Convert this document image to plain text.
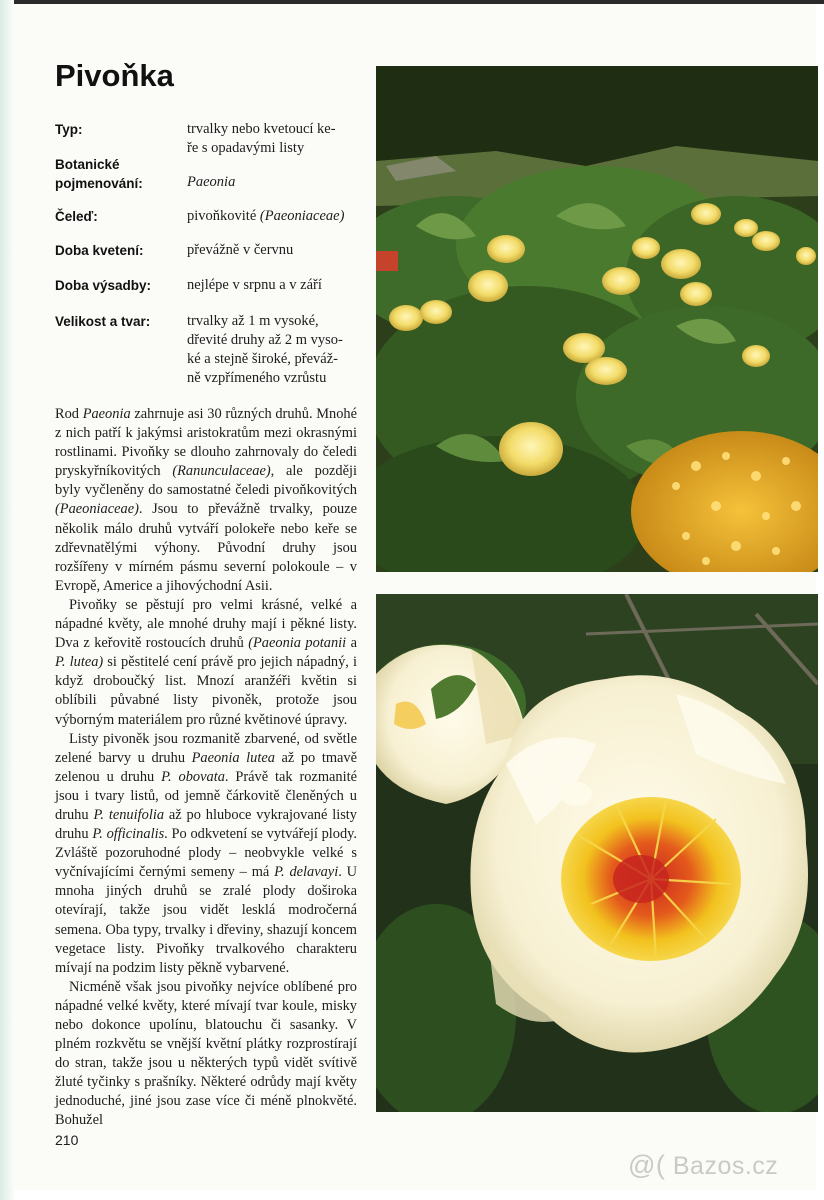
Pivoňka
Typ:	trvalky nebo kvetoucí ke-
ře s opadavými listy
Botanické
pojmenování:	Paeonia
Čeleď:	pivoňkovité (Paeoniaceae)
Doba kvetení:	převážně v červnu
Doba výsadby:	nejlépe v srpnu a v září
Velikost a tvar:	trvalky až 1 m vysoké,
dřevité druhy až 2 m vyso-
ké a stejně široké, převáž-
ně vzpřímeného vzrůstu

Rod Paeonia zahrnuje asi 30 různých druhů. Mnohé z nich patří k jakýmsi aristokratům mezi okrasnými rostlinami. Pivoňky se dlouho zahrnovaly do čeledi pryskyřníkovitých (Ranunculaceae), ale později byly vyčleněny do samostatné čeledi pivoňkovitých (Paeoniaceae). Jsou to převážně trvalky, pouze několik málo druhů vytváří polokeře nebo keře se zdřevnatělými výhony. Původní druhy jsou rozšířeny v mírném pásmu severní polokoule – v Evropě, Americe a jihovýchodní Asii.

Pivoňky se pěstují pro velmi krásné, velké a nápadné květy, ale mnohé druhy mají i pěkné listy. Dva z keřovitě rostoucích druhů (Paeonia potanii a P. lutea) si pěstitelé cení právě pro jejich nápadný, i když droboučký list. Mnozí aranžéři květin si oblíbili půvabné listy pivoněk, protože jsou výborným materiálem pro různé květinové úpravy.

Listy pivoněk jsou rozmanitě zbarvené, od světle zelené barvy u druhu Paeonia lutea až po tmavě zelenou u druhu P. obovata. Právě tak rozmanité jsou i tvary listů, od jemně čárkovitě členěných u druhu P. tenuifolia až po hluboce vykrajované listy druhu P. officinalis. Po odkvetení se vytvářejí plody. Zvláště pozoruhodné plody – neobvykle velké s vyčnívajícími černými semeny – má P. delavayi. U mnoha jiných druhů se zralé plody doširoka otevírají, takže jsou vidět lesklá modročerná semena. Oba typy, trvalky i dřeviny, shazují koncem vegetace listy. Pivoňky trvalkového charakteru mívají na podzim listy pěkně vybarvené.

Nicméně však jsou pivoňky nejvíce oblíbené pro nápadné velké květy, které mívají tvar koule, misky nebo dokonce upolínu, blatouchu či sasanky. V plném rozkvětu se vnější květní plátky rozprostírají do stran, takže jsou u některých typů vidět svítivě žluté tyčinky s prašníky. Některé odrůdy mají květy jednoduché, jiné jsou zase více či méně plnokvěté. Bohužel

210
@( Bazos.cz
